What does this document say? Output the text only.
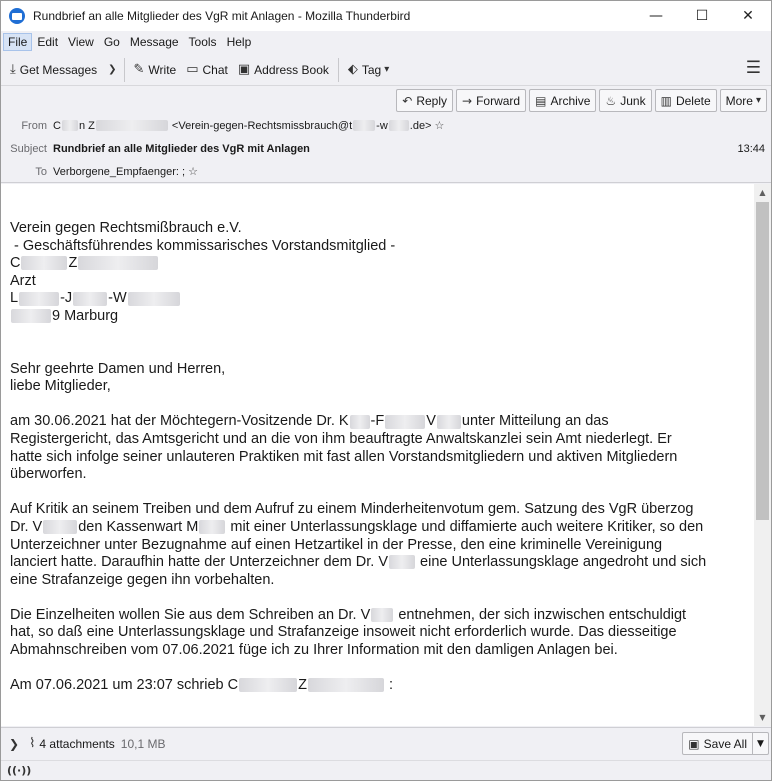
Rundbrief an alle Mitglieder des VgR mit Anlagen - Mozilla Thunderbird	—	☐	✕
File Edit View Go Message Tools Help
⤓ Get Messages ❯ ✎ Write ▭ Chat ▣ Address Book ⬖ Tag ▾	☰
↶ Reply → Forward ▤ Archive ♨ Junk ▥ Delete More ▾
From C n Z	<Verein-gegen-Rechtsmissbrauch@t -w .de> ☆
Subject Rundbrief an alle Mitglieder des VgR mit Anlagen	13:44
To Verborgene_Empfaenger: ; ☆

Verein gegen Rechtsmißbrauch e.V.

- Geschäftsführendes kommissarisches Vorstandsmitglied -

C	Z

Arzt

L	-J -W

9 Marburg

Sehr geehrte Damen und Herren,

liebe Mitglieder,

am 30.06.2021 hat der Möchtegern-Vositzende Dr. K -F	V unter Mitteilung an das

Registergericht, das Amtsgericht und an die von ihm beauftragte Anwaltskanzlei sein Amt niederlegt. Er

hatte sich infolge seiner unlauteren Praktiken mit fast allen Vorstandsmitgliedern und aktiven Mitgliedern

überworfen.

Auf Kritik an seinem Treiben und dem Aufruf zu einem Minderheitenvotum gem. Satzung des VgR überzog

Dr. V den Kassenwart M mit einer Unterlassungsklage und diffamierte auch weitere Kritiker, so den

Unterzeichner unter Bezugnahme auf einen Hetzartikel in der Presse, den eine kriminelle Vereinigung

lanciert hatte. Daraufhin hatte der Unterzeichner dem Dr. V eine Unterlassungsklage angedroht und sich

eine Strafanzeige gegen ihn vorbehalten.

Die Einzelheiten wollen Sie aus dem Schreiben an Dr. V entnehmen, der sich inzwischen entschuldigt

hat, so daß eine Unterlassungsklage und Strafanzeige insoweit nicht erforderlich wurde. Das diesseitige

Abmahnschreiben vom 07.06.2021 füge ich zu Ihrer Information mit den damligen Anlagen bei.

Am 07.06.2021 um 23:07 schrieb C	Z	:

▲
▼
❯ ⌇ 4 attachments 10,1 MB	▣ Save All ▼
((·))
